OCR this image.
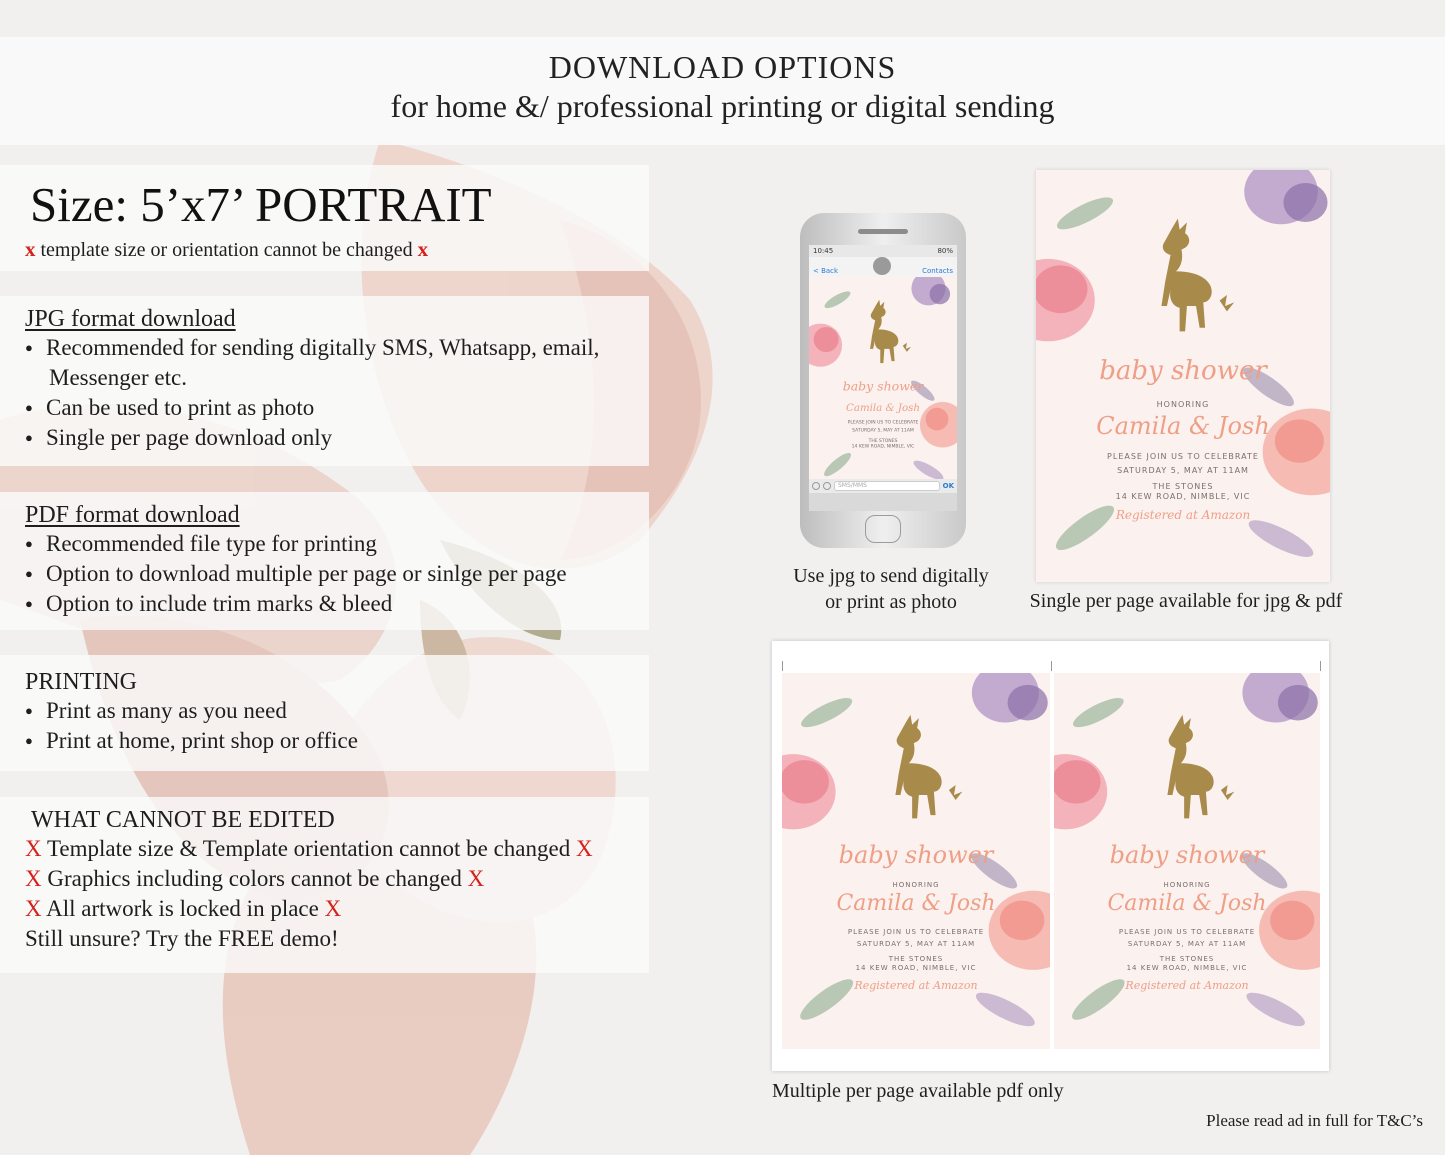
DOWNLOAD OPTIONS
for home &/ professional printing or digital sending
Size: 5’x7’ PORTRAIT
x template size or orientation cannot be changed x
JPG format download
● Recommended for sending digitally SMS, Whatsapp, email,
Messenger etc.
● Can be used to print as photo
● Single per page download only
PDF format download
● Recommended file type for printing
● Option to download multiple per page or sinlge per page
● Option to include trim marks & bleed
PRINTING
● Print as many as you need
● Print at home, print shop or office
WHAT CANNOT BE EDITED
X Template size & Template orientation cannot be changed X
X Graphics including colors cannot be changed X
X All artwork is locked in place X
Still unsure? Try the FREE demo!
10:45	80%
< Back	Contacts
baby shower
Camila & Josh
PLEASE JOIN US TO CELEBRATE
SATURDAY 5, MAY AT 11AM
THE STONES
14 KEW ROAD, NIMBLE, VIC
SMS/MMS	OK
Use jpg to send digitally
or print as photo
baby shower
HONORING
Camila & Josh
PLEASE JOIN US TO CELEBRATE
SATURDAY 5, MAY AT 11AM
THE STONES
14 KEW ROAD, NIMBLE, VIC
Registered at Amazon
Single per page available for jpg & pdf
baby shower
HONORING
Camila & Josh
PLEASE JOIN US TO CELEBRATE
SATURDAY 5, MAY AT 11AM
THE STONES
14 KEW ROAD, NIMBLE, VIC
Registered at Amazon
baby shower
HONORING
Camila & Josh
PLEASE JOIN US TO CELEBRATE
SATURDAY 5, MAY AT 11AM
THE STONES
14 KEW ROAD, NIMBLE, VIC
Registered at Amazon
Multiple per page available pdf only
Please read ad in full for T&C’s
